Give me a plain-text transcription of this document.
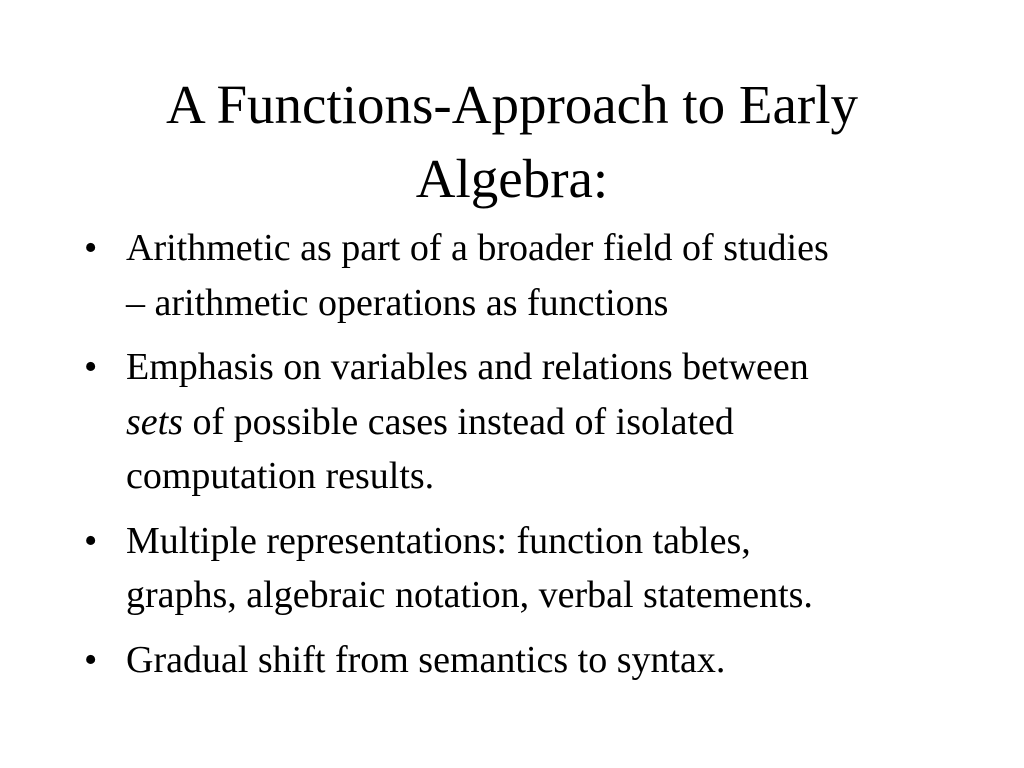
A Functions-Approach to Early
Algebra:
• Arithmetic as part of a broader field of studies
– arithmetic operations as functions
• Emphasis on variables and relations between
sets of possible cases instead of isolated
computation results.
• Multiple representations: function tables,
graphs, algebraic notation, verbal statements.
• Gradual shift from semantics to syntax.
